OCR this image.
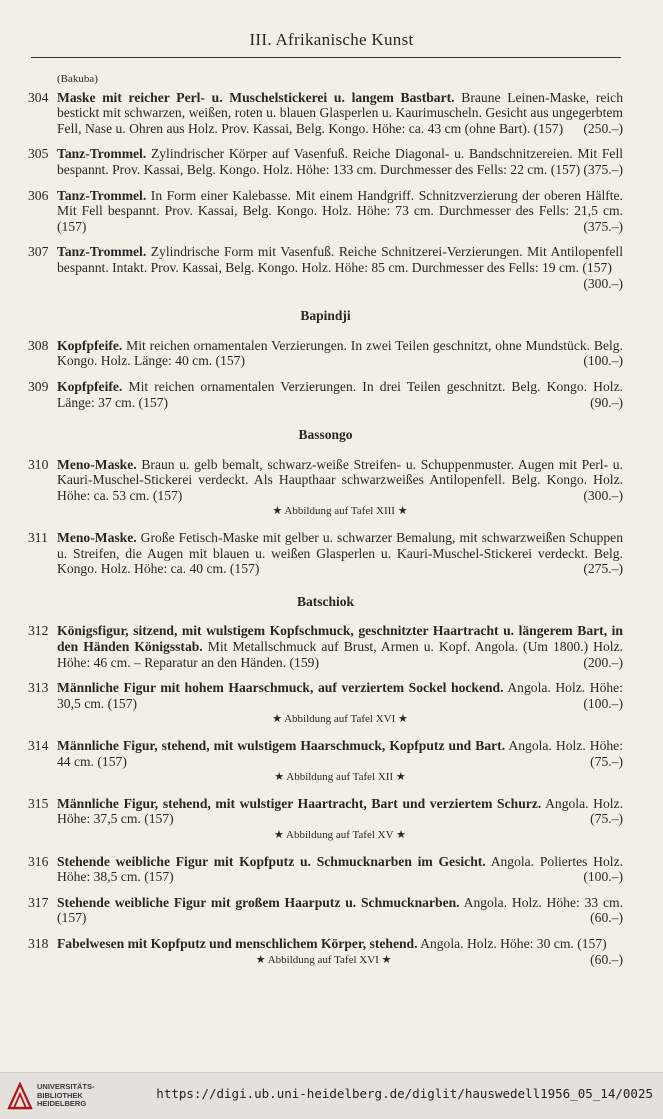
III. Afrikanische Kunst
(Bakuba)
304 Maske mit reicher Perl- u. Muschelstickerei u. langem Bastbart. Braune Leinen-Maske, reich bestickt mit schwarzen, weißen, roten u. blauen Glasperlen u. Kaurimuscheln. Gesicht aus ungegerbtem Fell, Nase u. Ohren aus Holz. Prov. Kassai, Belg. Kongo. Höhe: ca. 43 cm (ohne Bart). (157) (250.–)
305 Tanz-Trommel. Zylindrischer Körper auf Vasenfuß. Reiche Diagonal- u. Bandschnitzereien. Mit Fell bespannt. Prov. Kassai, Belg. Kongo. Holz. Höhe: 133 cm. Durchmesser des Fells: 22 cm. (157) (375.–)
306 Tanz-Trommel. In Form einer Kalebasse. Mit einem Handgriff. Schnitzverzierung der oberen Hälfte. Mit Fell bespannt. Prov. Kassai, Belg. Kongo. Holz. Höhe: 73 cm. Durchmesser des Fells: 21,5 cm. (157)	(375.–)
307 Tanz-Trommel. Zylindrische Form mit Vasenfuß. Reiche Schnitzerei-Verzierungen. Mit Antilopenfell bespannt. Intakt. Prov. Kassai, Belg. Kongo. Holz. Höhe: 85 cm. Durchmesser des Fells: 19 cm. (157)
(300.–)
Bapindji
308 Kopfpfeife. Mit reichen ornamentalen Verzierungen. In zwei Teilen geschnitzt, ohne Mundstück. Belg. Kongo. Holz. Länge: 40 cm. (157)	(100.–)
309 Kopfpfeife. Mit reichen ornamentalen Verzierungen. In drei Teilen geschnitzt. Belg. Kongo. Holz. Länge: 37 cm. (157)	(90.–)
Bassongo
310 Meno-Maske. Braun u. gelb bemalt, schwarz-weiße Streifen- u. Schuppenmuster. Augen mit Perl- u. Kauri-Muschel-Stickerei verdeckt. Als Haupthaar schwarzweißes Antilopenfell. Belg. Kongo. Holz. Höhe: ca. 53 cm. (157)	(300.–)
★ Abbildung auf Tafel XIII ★
311 Meno-Maske. Große Fetisch-Maske mit gelber u. schwarzer Bemalung, mit schwarzweißen Schuppen u. Streifen, die Augen mit blauen u. weißen Glasperlen u. Kauri-Muschel-Stickerei verdeckt. Belg. Kongo. Holz. Höhe: ca. 40 cm. (157)	(275.–)
Batschiok
312 Königsfigur, sitzend, mit wulstigem Kopfschmuck, geschnitzter Haartracht u. längerem Bart, in den Händen Königsstab. Mit Metallschmuck auf Brust, Armen u. Kopf. Angola. (Um 1800.) Holz. Höhe: 46 cm. – Reparatur an den Händen. (159)	(200.–)
313 Männliche Figur mit hohem Haarschmuck, auf verziertem Sockel hockend. Angola. Holz. Höhe: 30,5 cm. (157)	(100.–)
★ Abbildung auf Tafel XVI ★
314 Männliche Figur, stehend, mit wulstigem Haarschmuck, Kopfputz und Bart. Angola. Holz. Höhe: 44 cm. (157)	(75.–)
★ Abbildung auf Tafel XII ★
315 Männliche Figur, stehend, mit wulstiger Haartracht, Bart und verziertem Schurz. Angola. Holz. Höhe: 37,5 cm. (157)	(75.–)
★ Abbildung auf Tafel XV ★
316 Stehende weibliche Figur mit Kopfputz u. Schmucknarben im Gesicht. Angola. Poliertes Holz. Höhe: 38,5 cm. (157)	(100.–)
317 Stehende weibliche Figur mit großem Haarputz u. Schmucknarben. Angola. Holz. Höhe: 33 cm. (157)	(60.–)
318 Fabelwesen mit Kopfputz und menschlichem Körper, stehend. Angola. Holz. Höhe: 30 cm. (157)
(60.–)
★ Abbildung auf Tafel XVI ★
UNIVERSITÄTS-
BIBLIOTHEK
HEIDELBERG
https://digi.ub.uni-heidelberg.de/diglit/hauswedell1956_05_14/0025
